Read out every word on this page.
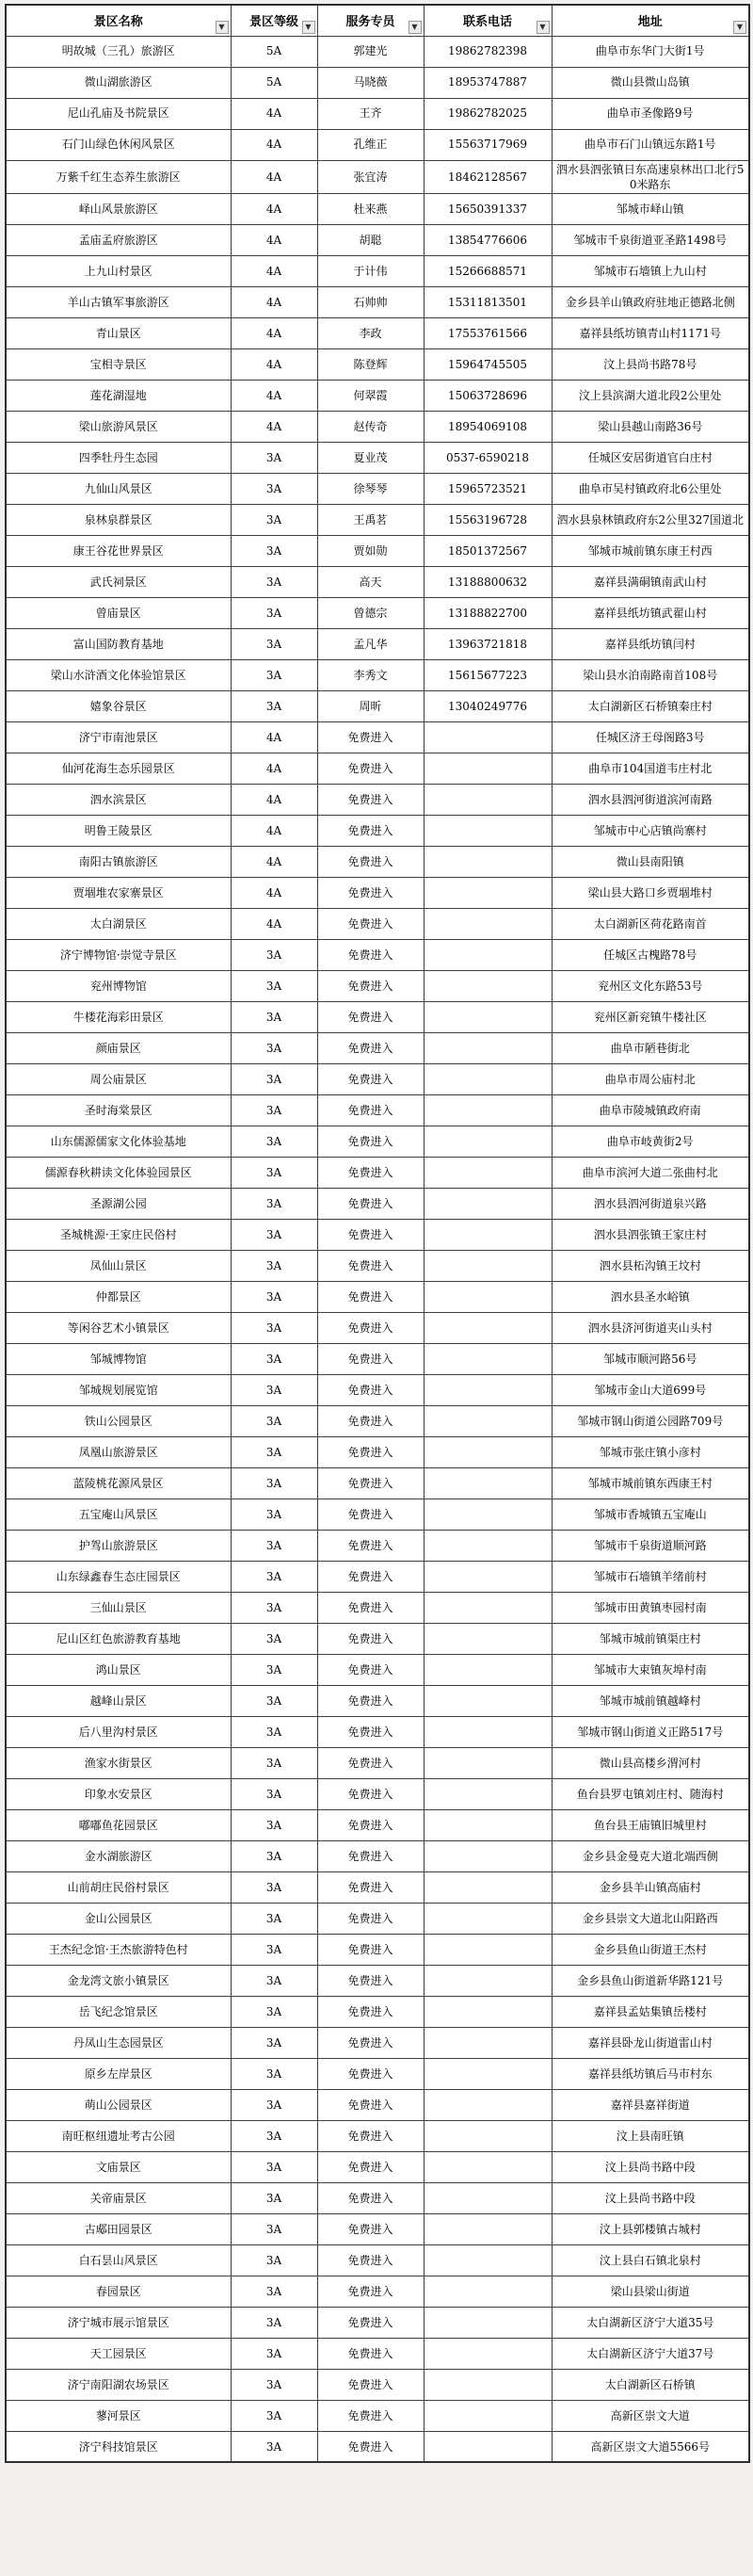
景区名称 ▼	景区等级 ▼	服务专员 ▼	联系电话 ▼	地址 ▼

明故城（三孔）旅游区	5A	郭建光	19862782398	曲阜市东华门大街1号
微山湖旅游区	5A	马晓薇	18953747887	微山县微山岛镇
尼山孔庙及书院景区	4A	王齐	19862782025	曲阜市圣像路9号
石门山绿色休闲风景区	4A	孔维正	15563717969	曲阜市石门山镇远东路1号
万紫千红生态养生旅游区	4A	张宜涛	18462128567	泗水县泗张镇日东高速泉林出口北行50米路东
峄山风景旅游区	4A	杜来燕	15650391337	邹城市峄山镇
孟庙孟府旅游区	4A	胡聪	13854776606	邹城市千泉街道亚圣路1498号
上九山村景区	4A	于计伟	15266688571	邹城市石墙镇上九山村
羊山古镇军事旅游区	4A	石帅帅	15311813501	金乡县羊山镇政府驻地正德路北侧
青山景区	4A	李政	17553761566	嘉祥县纸坊镇青山村1171号
宝相寺景区	4A	陈登辉	15964745505	汶上县尚书路78号
莲花湖湿地	4A	何翠霞	15063728696	汶上县滨湖大道北段2公里处
梁山旅游风景区	4A	赵传奇	18954069108	梁山县越山南路36号
四季牡丹生态园	3A	夏业茂	0537-6590218	任城区安居街道官白庄村
九仙山风景区	3A	徐琴琴	15965723521	曲阜市吴村镇政府北6公里处
泉林泉群景区	3A	王禹茗	15563196728	泗水县泉林镇政府东2公里327国道北
康王谷花世界景区	3A	贾如勋	18501372567	邹城市城前镇东康王村西
武氏祠景区	3A	高天	13188800632	嘉祥县满硐镇南武山村
曾庙景区	3A	曾德宗	13188822700	嘉祥县纸坊镇武翟山村
富山国防教育基地	3A	孟凡华	13963721818	嘉祥县纸坊镇闫村
梁山水浒酒文化体验馆景区	3A	李秀文	15615677223	梁山县水泊南路南首108号
嬉象谷景区	3A	周昕	13040249776	太白湖新区石桥镇秦庄村
济宁市南池景区	4A	免费进入		任城区济王母阁路3号
仙河花海生态乐园景区	4A	免费进入		曲阜市104国道韦庄村北
泗水滨景区	4A	免费进入		泗水县泗河街道滨河南路
明鲁王陵景区	4A	免费进入		邹城市中心店镇尚寨村
南阳古镇旅游区	4A	免费进入		微山县南阳镇
贾堌堆农家寨景区	4A	免费进入		梁山县大路口乡贾堌堆村
太白湖景区	4A	免费进入		太白湖新区荷花路南首
济宁博物馆·崇觉寺景区	3A	免费进入		任城区古槐路78号
兖州博物馆	3A	免费进入		兖州区文化东路53号
牛楼花海彩田景区	3A	免费进入		兖州区新兖镇牛楼社区
颜庙景区	3A	免费进入		曲阜市陋巷街北
周公庙景区	3A	免费进入		曲阜市周公庙村北
圣时海棠景区	3A	免费进入		曲阜市陵城镇政府南
山东儒源儒家文化体验基地	3A	免费进入		曲阜市岐黄街2号
儒源春秋耕读文化体验园景区	3A	免费进入		曲阜市滨河大道二张曲村北
圣源湖公园	3A	免费进入		泗水县泗河街道泉兴路
圣城桃源·王家庄民俗村	3A	免费进入		泗水县泗张镇王家庄村
凤仙山景区	3A	免费进入		泗水县柘沟镇王坟村
仲都景区	3A	免费进入		泗水县圣水峪镇
等闲谷艺术小镇景区	3A	免费进入		泗水县济河街道夹山头村
邹城博物馆	3A	免费进入		邹城市顺河路56号
邹城规划展览馆	3A	免费进入		邹城市金山大道699号
铁山公园景区	3A	免费进入		邹城市钢山街道公园路709号
凤凰山旅游景区	3A	免费进入		邹城市张庄镇小彦村
蓝陵桃花源风景区	3A	免费进入		邹城市城前镇东西康王村
五宝庵山风景区	3A	免费进入		邹城市香城镇五宝庵山
护驾山旅游景区	3A	免费进入		邹城市千泉街道顺河路
山东绿鑫春生态庄园景区	3A	免费进入		邹城市石墙镇羊绪前村
三仙山景区	3A	免费进入		邹城市田黄镇枣园村南
尼山区红色旅游教育基地	3A	免费进入		邹城市城前镇渠庄村
鸿山景区	3A	免费进入		邹城市大束镇灰埠村南
越峰山景区	3A	免费进入		邹城市城前镇越峰村
后八里沟村景区	3A	免费进入		邹城市钢山街道义正路517号
渔家水街景区	3A	免费进入		微山县高楼乡渭河村
印象水安景区	3A	免费进入		鱼台县罗屯镇刘庄村、随海村
嘟嘟鱼花园景区	3A	免费进入		鱼台县王庙镇旧城里村
金水湖旅游区	3A	免费进入		金乡县金曼克大道北端西侧
山前胡庄民俗村景区	3A	免费进入		金乡县羊山镇高庙村
金山公园景区	3A	免费进入		金乡县崇文大道北山阳路西
王杰纪念馆·王杰旅游特色村	3A	免费进入		金乡县鱼山街道王杰村
金龙湾文旅小镇景区	3A	免费进入		金乡县鱼山街道新华路121号
岳飞纪念馆景区	3A	免费进入		嘉祥县孟姑集镇岳楼村
丹凤山生态园景区	3A	免费进入		嘉祥县卧龙山街道雷山村
原乡左岸景区	3A	免费进入		嘉祥县纸坊镇后马市村东
萌山公园景区	3A	免费进入		嘉祥县嘉祥街道
南旺枢纽遗址考古公园	3A	免费进入		汶上县南旺镇
文庙景区	3A	免费进入		汶上县尚书路中段
关帝庙景区	3A	免费进入		汶上县尚书路中段
古郕田园景区	3A	免费进入		汶上县郭楼镇古城村
白石昙山风景区	3A	免费进入		汶上县白石镇北泉村
春园景区	3A	免费进入		梁山县梁山街道
济宁城市展示馆景区	3A	免费进入		太白湖新区济宁大道35号
天工园景区	3A	免费进入		太白湖新区济宁大道37号
济宁南阳湖农场景区	3A	免费进入		太白湖新区石桥镇
蓼河景区	3A	免费进入		高新区崇文大道
济宁科技馆景区	3A	免费进入		高新区崇文大道5566号
